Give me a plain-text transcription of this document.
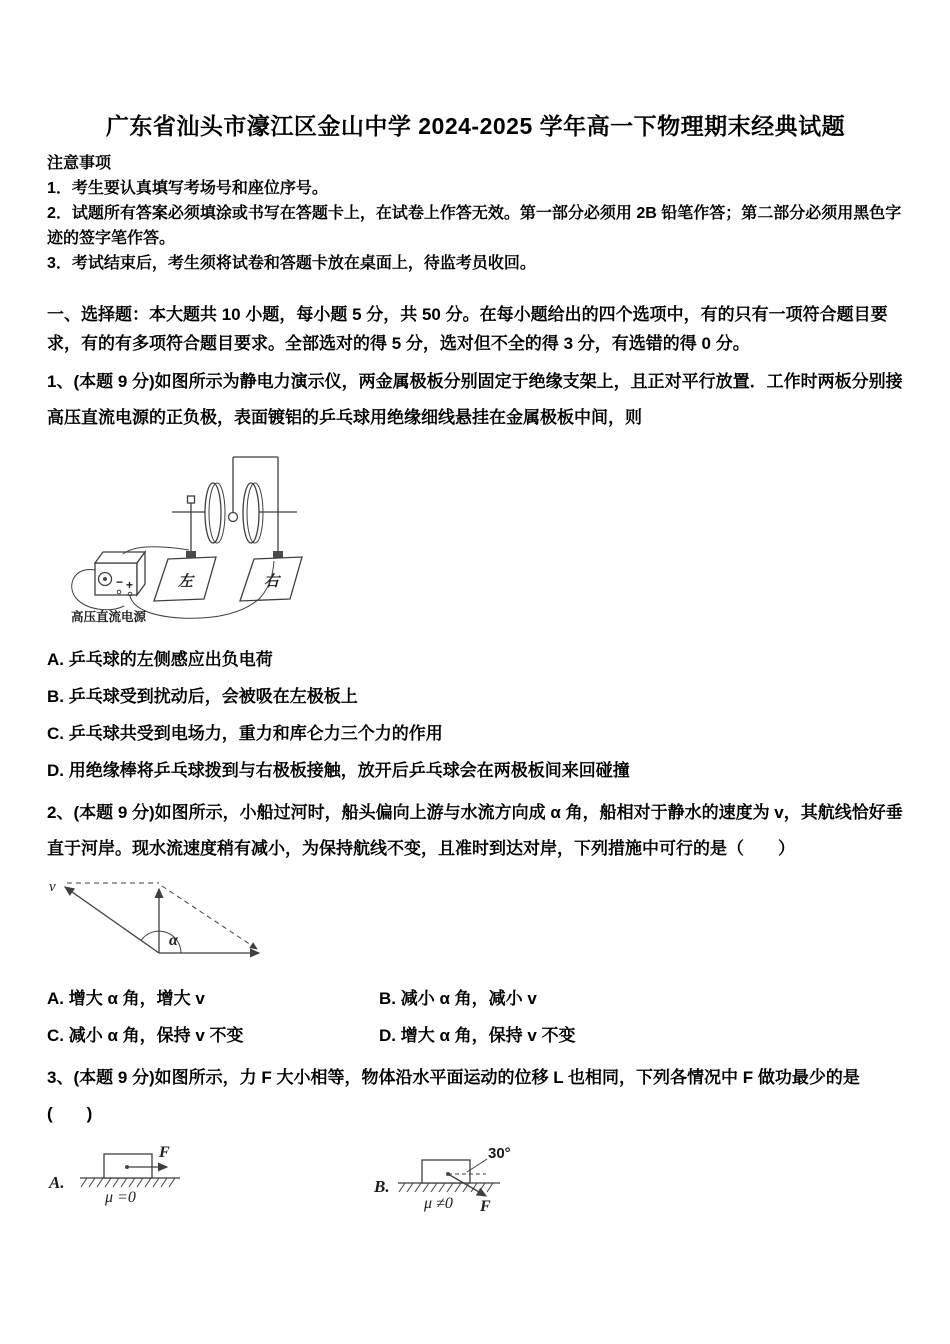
广东省汕头市濠江区金山中学 2024-2025 学年高一下物理期末经典试题
注意事项
1．考生要认真填写考场号和座位序号。
2．试题所有答案必须填涂或书写在答题卡上，在试卷上作答无效。第一部分必须用 2B 铅笔作答；第二部分必须用黑色字迹的签字笔作答。
3．考试结束后，考生须将试卷和答题卡放在桌面上，待监考员收回。

一、选择题：本大题共 10 小题，每小题 5 分，共 50 分。在每小题给出的四个选项中，有的只有一项符合题目要求，有的有多项符合题目要求。全部选对的得 5 分，选对但不全的得 3 分，有选错的得 0 分。

1、(本题 9 分)如图所示为静电力演示仪，两金属极板分别固定于绝缘支架上，且正对平行放置．工作时两板分别接高压直流电源的正负极，表面镀铝的乒乓球用绝缘细线悬挂在金属极板中间，则

左	右
− +
高压直流电源
A. 乒乓球的左侧感应出负电荷
B. 乒乓球受到扰动后，会被吸在左极板上
C. 乒乓球共受到电场力，重力和库仑力三个力的作用
D. 用绝缘棒将乒乓球拨到与右极板接触，放开后乒乓球会在两极板间来回碰撞

2、(本题 9 分)如图所示，小船过河时，船头偏向上游与水流方向成 α 角，船相对于静水的速度为 v，其航线恰好垂直于河岸。现水流速度稍有减小，为保持航线不变，且准时到达对岸，下列措施中可行的是（　　）

v
α
A. 增大 α 角，增大 v	B. 减小 α 角，减小 v
C. 减小 α 角，保持 v 不变	D. 增大 α 角，保持 v 不变

3、(本题 9 分)如图所示，力 F 大小相等，物体沿水平面运动的位移 L 也相同，下列各情况中 F 做功最少的是(　　)

A.
F
μ =0
B.
30°
F
μ ≠0
